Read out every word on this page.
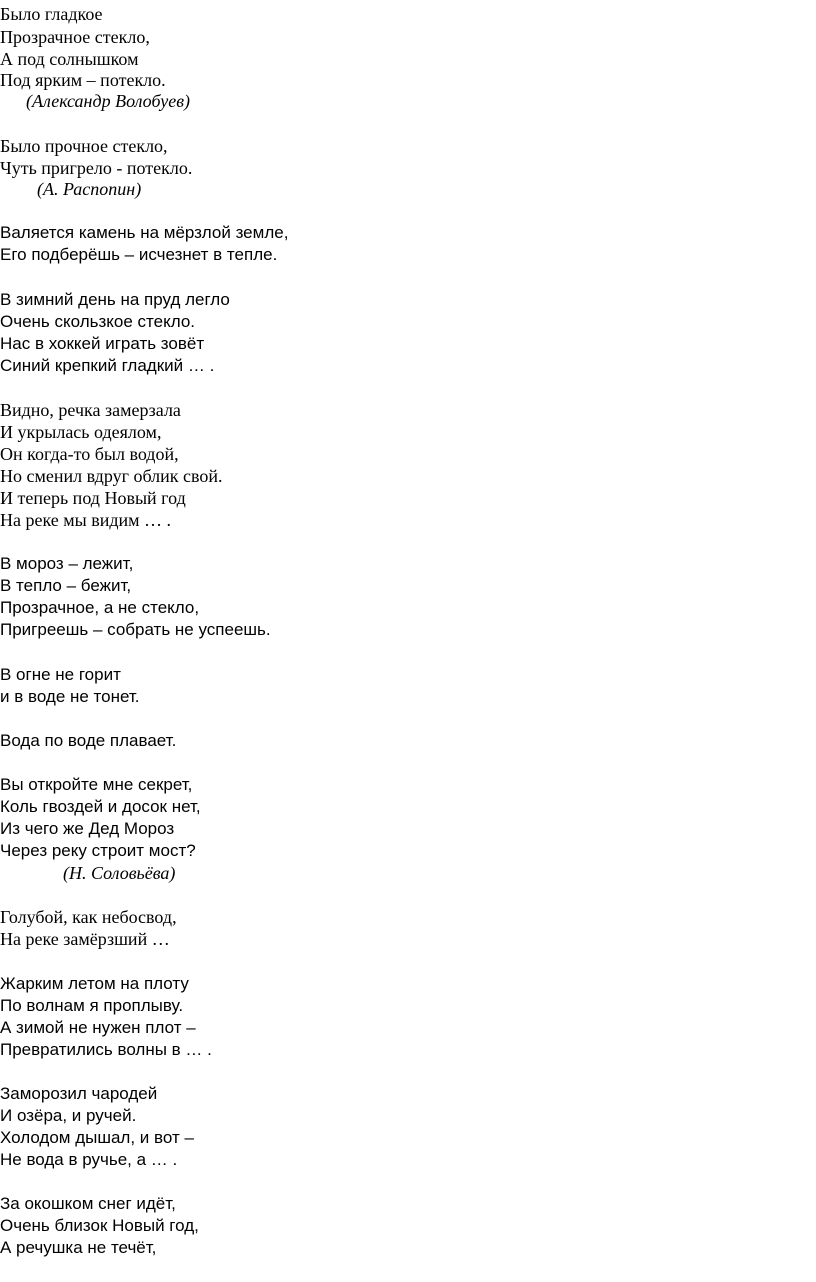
Было гладкое
Прозрачное стекло,
А под солнышком
Под ярким – потекло.
(Александр Волобуев)
Было прочное стекло,
Чуть пригрело - потекло.
(А. Распопин)
Валяется камень на мёрзлой земле,
Его подберёшь – исчезнет в тепле.
В зимний день на пруд легло
Очень скользкое стекло.
Нас в хоккей играть зовёт
Синий крепкий гладкий … .
Видно, речка замерзала
И укрылась одеялом,
Он когда-то был водой,
Но сменил вдруг облик свой.
И теперь под Новый год
На реке мы видим … .
В мороз – лежит,
В тепло – бежит,
Прозрачное, а не стекло,
Пригреешь – собрать не успеешь.
В огне не горит
и в воде не тонет.
Вода по воде плавает.
Вы откройте мне секрет,
Коль гвоздей и досок нет,
Из чего же Дед Мороз
Через реку строит мост?
(Н. Соловьёва)
Голубой, как небосвод,
На реке замёрзший …
Жарким летом на плоту
По волнам я проплыву.
А зимой не нужен плот –
Превратились волны в … .
Заморозил чародей
И озёра, и ручей.
Холодом дышал, и вот –
Не вода в ручье, а … .
За окошком снег идёт,
Очень близок Новый год,
А речушка не течёт,
